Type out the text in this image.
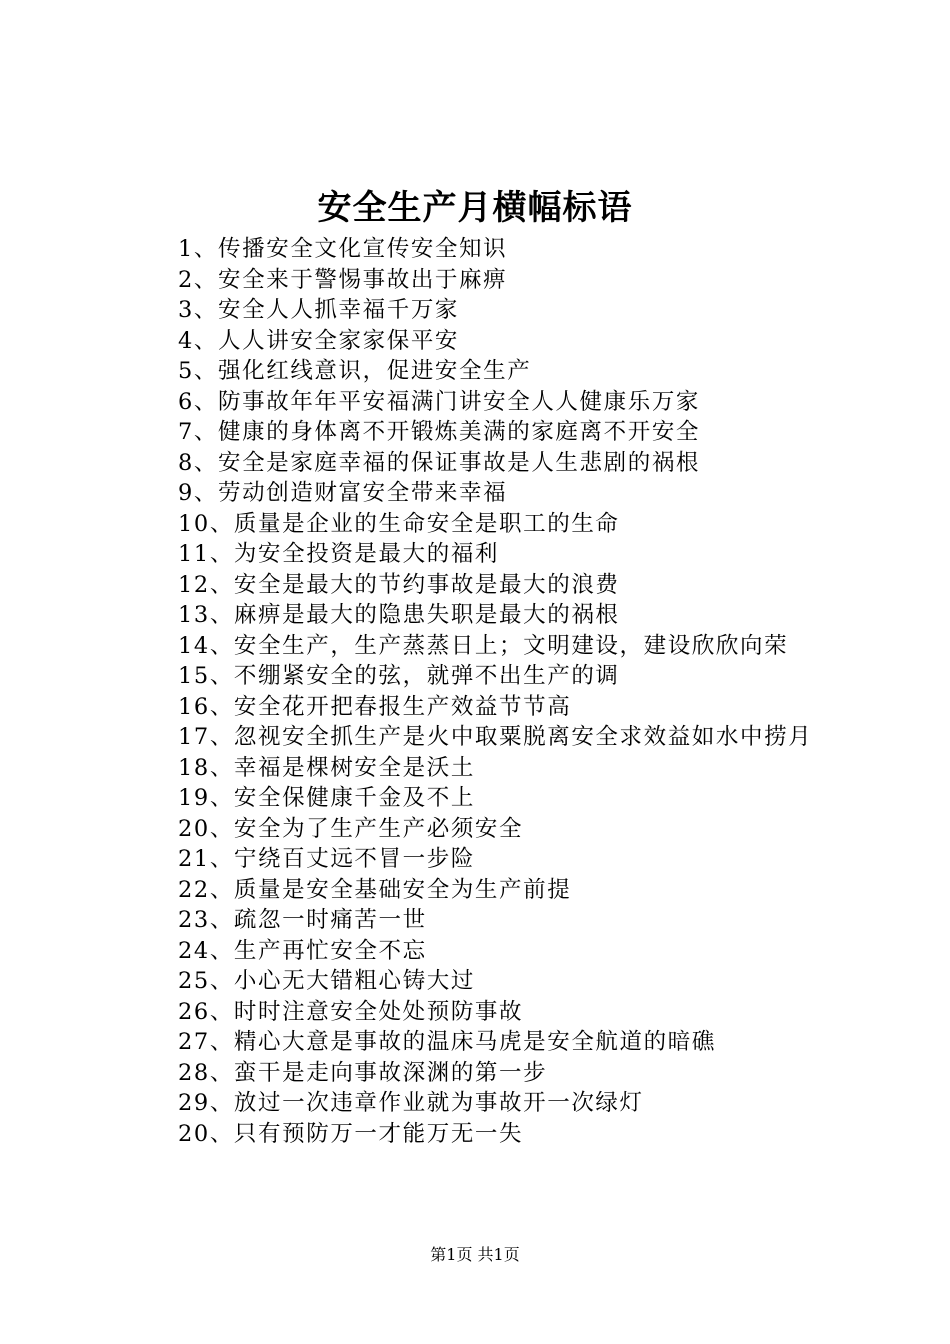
安全生产月横幅标语
1、传播安全文化宣传安全知识
2、安全来于警惕事故出于麻痹
3、安全人人抓幸福千万家
4、人人讲安全家家保平安
5、强化红线意识，促进安全生产
6、防事故年年平安福满门讲安全人人健康乐万家
7、健康的身体离不开锻炼美满的家庭离不开安全
8、安全是家庭幸福的保证事故是人生悲剧的祸根
9、劳动创造财富安全带来幸福
10、质量是企业的生命安全是职工的生命
11、为安全投资是最大的福利
12、安全是最大的节约事故是最大的浪费
13、麻痹是最大的隐患失职是最大的祸根
14、安全生产，生产蒸蒸日上；文明建设，建设欣欣向荣
15、不绷紧安全的弦，就弹不出生产的调
16、安全花开把春报生产效益节节高
17、忽视安全抓生产是火中取粟脱离安全求效益如水中捞月
18、幸福是棵树安全是沃土
19、安全保健康千金及不上
20、安全为了生产生产必须安全
21、宁绕百丈远不冒一步险
22、质量是安全基础安全为生产前提
23、疏忽一时痛苦一世
24、生产再忙安全不忘
25、小心无大错粗心铸大过
26、时时注意安全处处预防事故
27、精心大意是事故的温床马虎是安全航道的暗礁
28、蛮干是走向事故深渊的第一步
29、放过一次违章作业就为事故开一次绿灯
20、只有预防万一才能万无一失
第1页 共1页
